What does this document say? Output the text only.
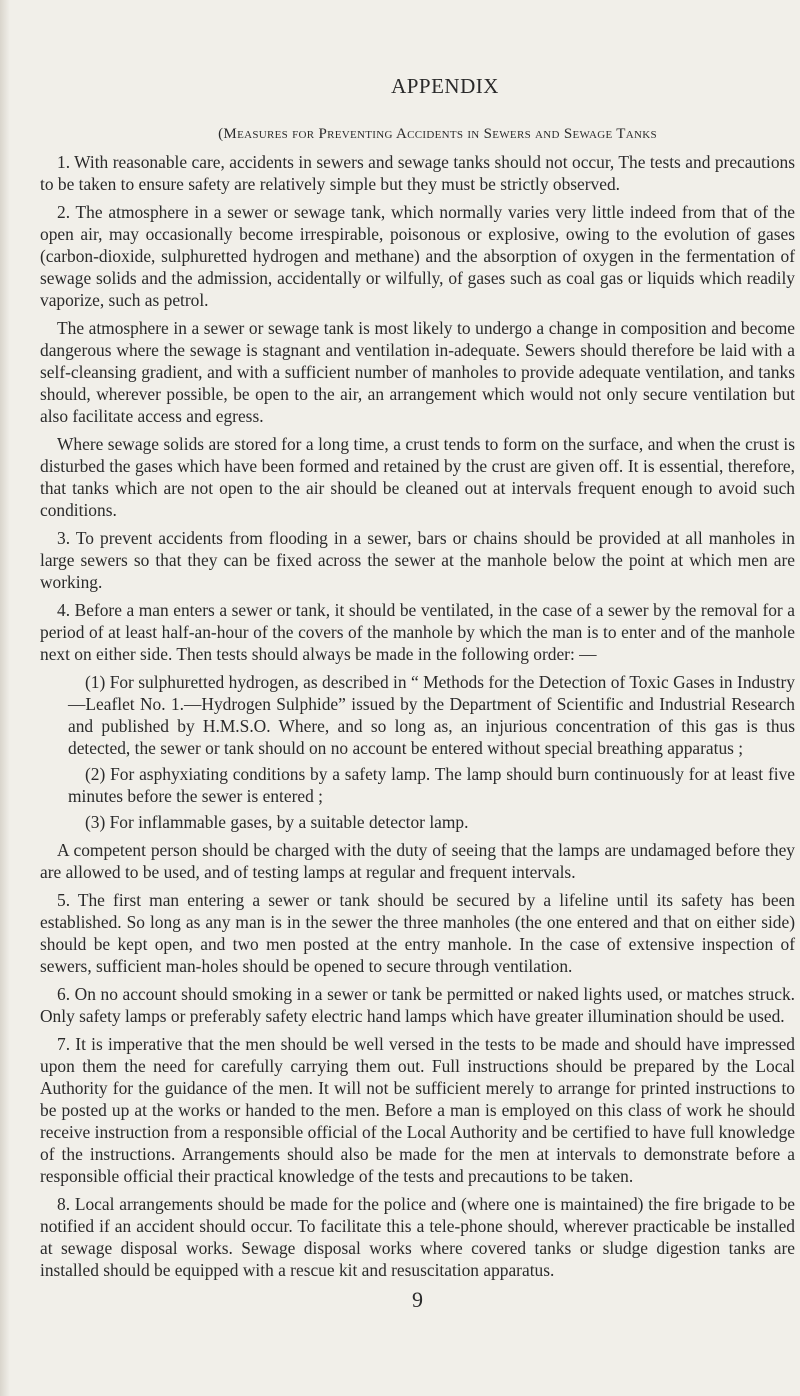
APPENDIX
(Measures for Preventing Accidents in Sewers and Sewage Tanks

1. With reasonable care, accidents in sewers and sewage tanks should not occur, The tests and precautions to be taken to ensure safety are relatively simple but they must be strictly observed.

2. The atmosphere in a sewer or sewage tank, which normally varies very little indeed from that of the open air, may occasionally become irrespirable, poisonous or explosive, owing to the evolution of gases (carbon-dioxide, sulphuretted hydrogen and methane) and the absorption of oxygen in the fermentation of sewage solids and the admission, accidentally or wilfully, of gases such as coal gas or liquids which readily vaporize, such as petrol.

The atmosphere in a sewer or sewage tank is most likely to undergo a change in composition and become dangerous where the sewage is stagnant and ventilation in-adequate. Sewers should therefore be laid with a self-cleansing gradient, and with a sufficient number of manholes to provide adequate ventilation, and tanks should, wherever possible, be open to the air, an arrangement which would not only secure ventilation but also facilitate access and egress.

Where sewage solids are stored for a long time, a crust tends to form on the surface, and when the crust is disturbed the gases which have been formed and retained by the crust are given off. It is essential, therefore, that tanks which are not open to the air should be cleaned out at intervals frequent enough to avoid such conditions.

3. To prevent accidents from flooding in a sewer, bars or chains should be provided at all manholes in large sewers so that they can be fixed across the sewer at the manhole below the point at which men are working.

4. Before a man enters a sewer or tank, it should be ventilated, in the case of a sewer by the removal for a period of at least half-an-hour of the covers of the manhole by which the man is to enter and of the manhole next on either side. Then tests should always be made in the following order: —

(1) For sulphuretted hydrogen, as described in “ Methods for the Detection of Toxic Gases in Industry—Leaflet No. 1.—Hydrogen Sulphide” issued by the Department of Scientific and Industrial Research and published by H.M.S.O. Where, and so long as, an injurious concentration of this gas is thus detected, the sewer or tank should on no account be entered without special breathing apparatus ;

(2) For asphyxiating conditions by a safety lamp. The lamp should burn continuously for at least five minutes before the sewer is entered ;

(3) For inflammable gases, by a suitable detector lamp.

A competent person should be charged with the duty of seeing that the lamps are undamaged before they are allowed to be used, and of testing lamps at regular and frequent intervals.

5. The first man entering a sewer or tank should be secured by a lifeline until its safety has been established. So long as any man is in the sewer the three manholes (the one entered and that on either side) should be kept open, and two men posted at the entry manhole. In the case of extensive inspection of sewers, sufficient man-holes should be opened to secure through ventilation.

6. On no account should smoking in a sewer or tank be permitted or naked lights used, or matches struck. Only safety lamps or preferably safety electric hand lamps which have greater illumination should be used.

7. It is imperative that the men should be well versed in the tests to be made and should have impressed upon them the need for carefully carrying them out. Full instructions should be prepared by the Local Authority for the guidance of the men. It will not be sufficient merely to arrange for printed instructions to be posted up at the works or handed to the men. Before a man is employed on this class of work he should receive instruction from a responsible official of the Local Authority and be certified to have full knowledge of the instructions. Arrangements should also be made for the men at intervals to demonstrate before a responsible official their practical knowledge of the tests and precautions to be taken.

8. Local arrangements should be made for the police and (where one is maintained) the fire brigade to be notified if an accident should occur. To facilitate this a tele-phone should, wherever practicable be installed at sewage disposal works. Sewage disposal works where covered tanks or sludge digestion tanks are installed should be equipped with a rescue kit and resuscitation apparatus.

9
